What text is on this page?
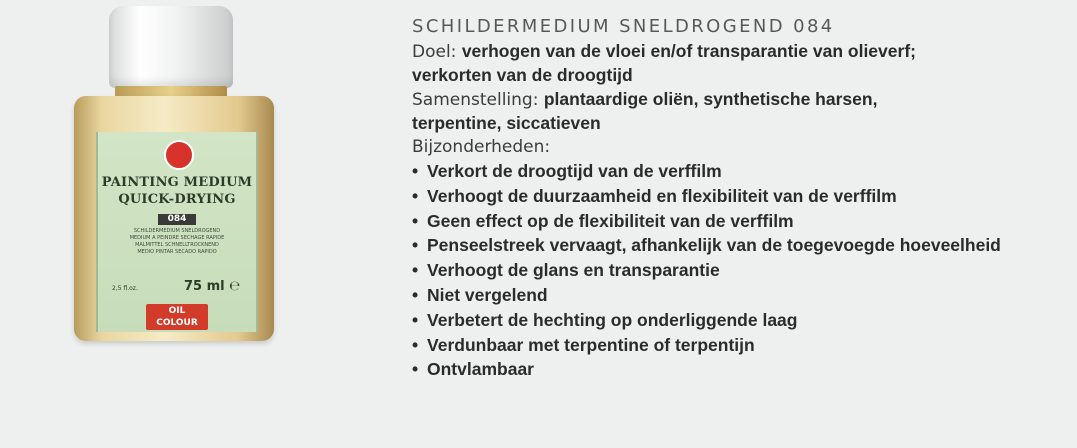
PAINTING MEDIUM
QUICK-DRYING
084
SCHILDERMEDIUM SNELDROGEND
MÉDIUM À PEINDRE SÉCHAGE RAPIDE
MALMITTEL SCHNELLTROCKNEND
MEDIO PINTAR SECADO RAPIDO
2,5 fl.oz.	75 ml ℮
OIL
COLOUR
SCHILDERMEDIUM SNELDROGEND 084
Doel: verhogen van de vloei en/of transparantie van olieverf;
verkorten van de droogtijd
Samenstelling: plantaardige oliën, synthetische harsen,
terpentine, siccatieven
Bijzonderheden:
• Verkort de droogtijd van de verffilm
• Verhoogt de duurzaamheid en flexibiliteit van de verffilm
• Geen effect op de flexibiliteit van de verffilm
• Penseelstreek vervaagt, afhankelijk van de toegevoegde hoeveelheid
• Verhoogt de glans en transparantie
• Niet vergelend
• Verbetert de hechting op onderliggende laag
• Verdunbaar met terpentine of terpentijn
• Ontvlambaar
